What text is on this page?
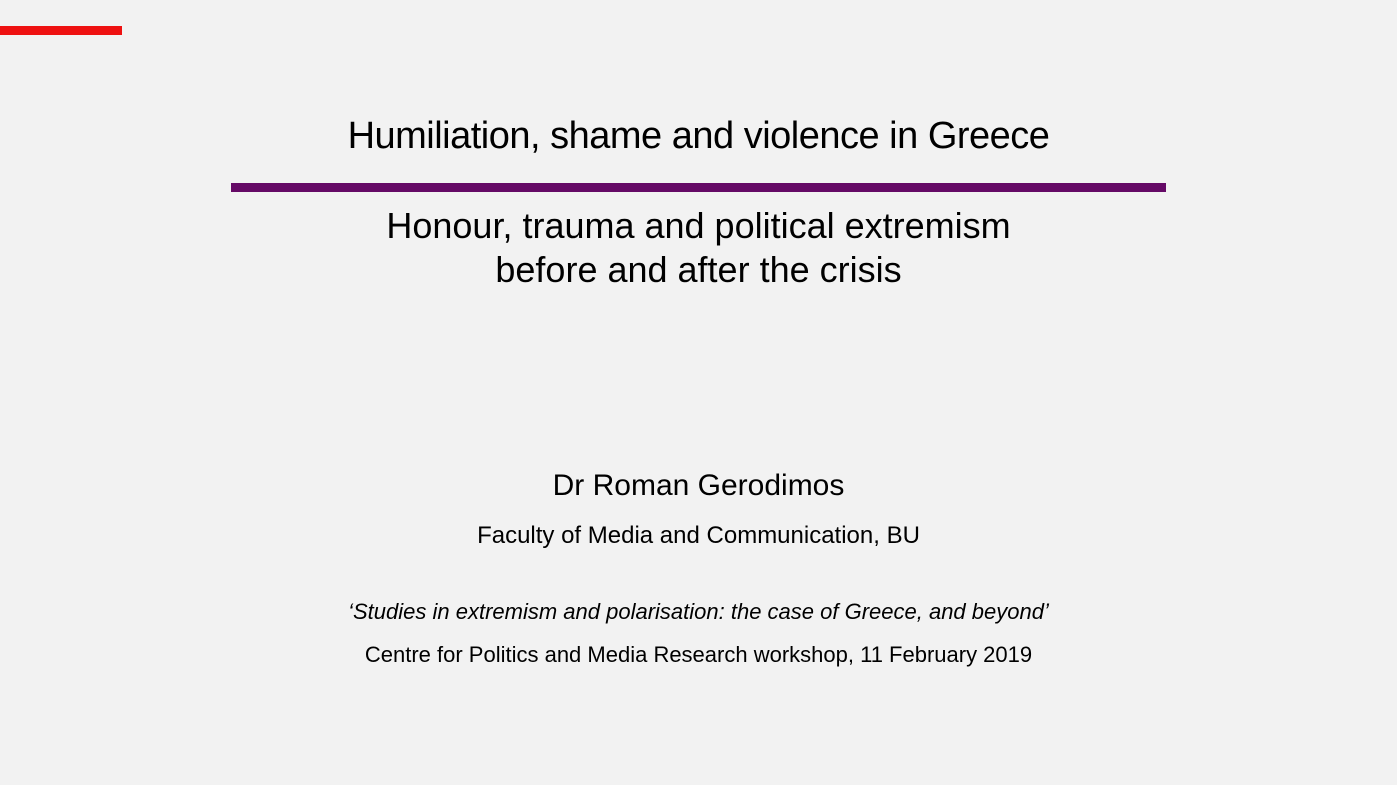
Humiliation, shame and violence in Greece
Honour, trauma and political extremism
before and after the crisis
Dr Roman Gerodimos
Faculty of Media and Communication, BU
‘Studies in extremism and polarisation: the case of Greece, and beyond’
Centre for Politics and Media Research workshop, 11 February 2019
